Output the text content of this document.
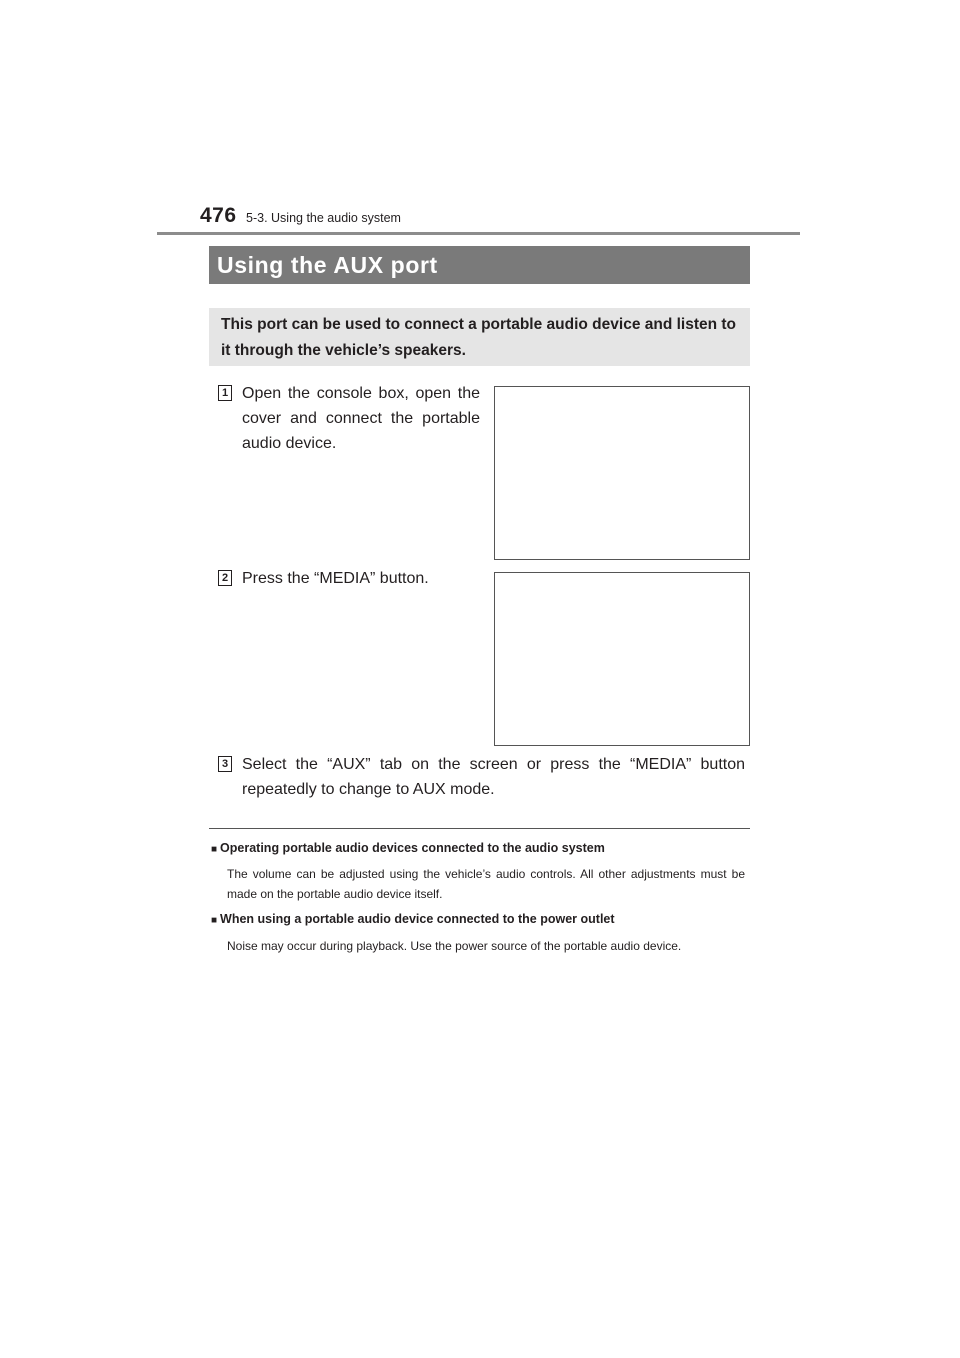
476 5-3. Using the audio system
Using the AUX port
This port can be used to connect a portable audio device and listen to it through the vehicle’s speakers.
1 Open the console box, open the cover and connect the portable audio device.
2 Press the “MEDIA” button.
3 Select the “AUX” tab on the screen or press the “MEDIA” button repeatedly to change to AUX mode.
■ Operating portable audio devices connected to the audio system
The volume can be adjusted using the vehicle’s audio controls. All other adjustments must be made on the portable audio device itself.
■ When using a portable audio device connected to the power outlet
Noise may occur during playback. Use the power source of the portable audio device.
